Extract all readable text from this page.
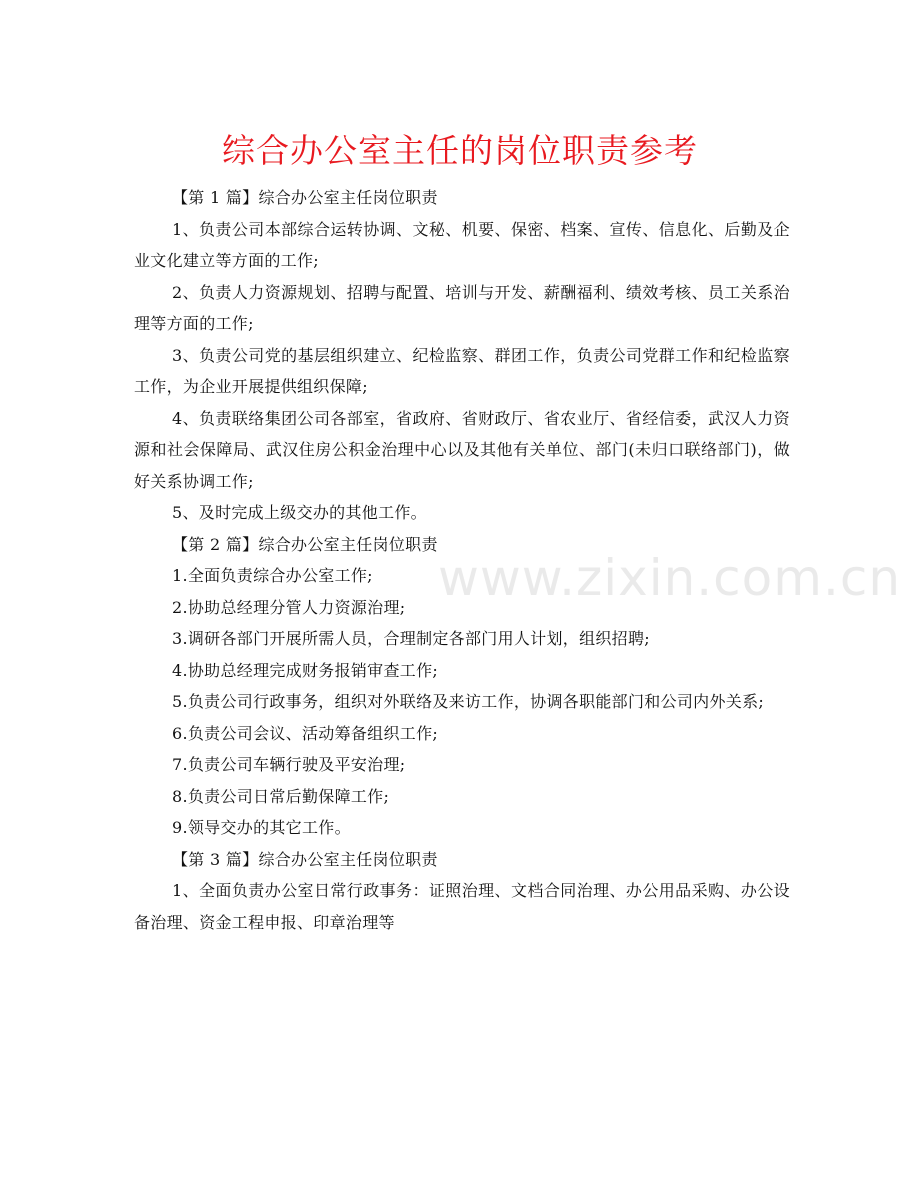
综合办公室主任的岗位职责参考

【第 1 篇】综合办公室主任岗位职责

1、负责公司本部综合运转协调、文秘、机要、保密、档案、宣传、信息化、后勤及企业文化建立等方面的工作;

2、负责人力资源规划、招聘与配置、培训与开发、薪酬福利、绩效考核、员工关系治理等方面的工作;

3、负责公司党的基层组织建立、纪检监察、群团工作，负责公司党群工作和纪检监察工作，为企业开展提供组织保障;

4、负责联络集团公司各部室，省政府、省财政厅、省农业厅、省经信委，武汉人力资源和社会保障局、武汉住房公积金治理中心以及其他有关单位、部门(未归口联络部门)，做好关系协调工作;

5、及时完成上级交办的其他工作。

【第 2 篇】综合办公室主任岗位职责

1.全面负责综合办公室工作;

2.协助总经理分管人力资源治理;

3.调研各部门开展所需人员，合理制定各部门用人计划，组织招聘;

4.协助总经理完成财务报销审查工作;

5.负责公司行政事务，组织对外联络及来访工作，协调各职能部门和公司内外关系;

6.负责公司会议、活动筹备组织工作;

7.负责公司车辆行驶及平安治理;

8.负责公司日常后勤保障工作;

9.领导交办的其它工作。

【第 3 篇】综合办公室主任岗位职责

1、全面负责办公室日常行政事务：证照治理、文档合同治理、办公用品采购、办公设备治理、资金工程申报、印章治理等

www.zixin.com.cn
